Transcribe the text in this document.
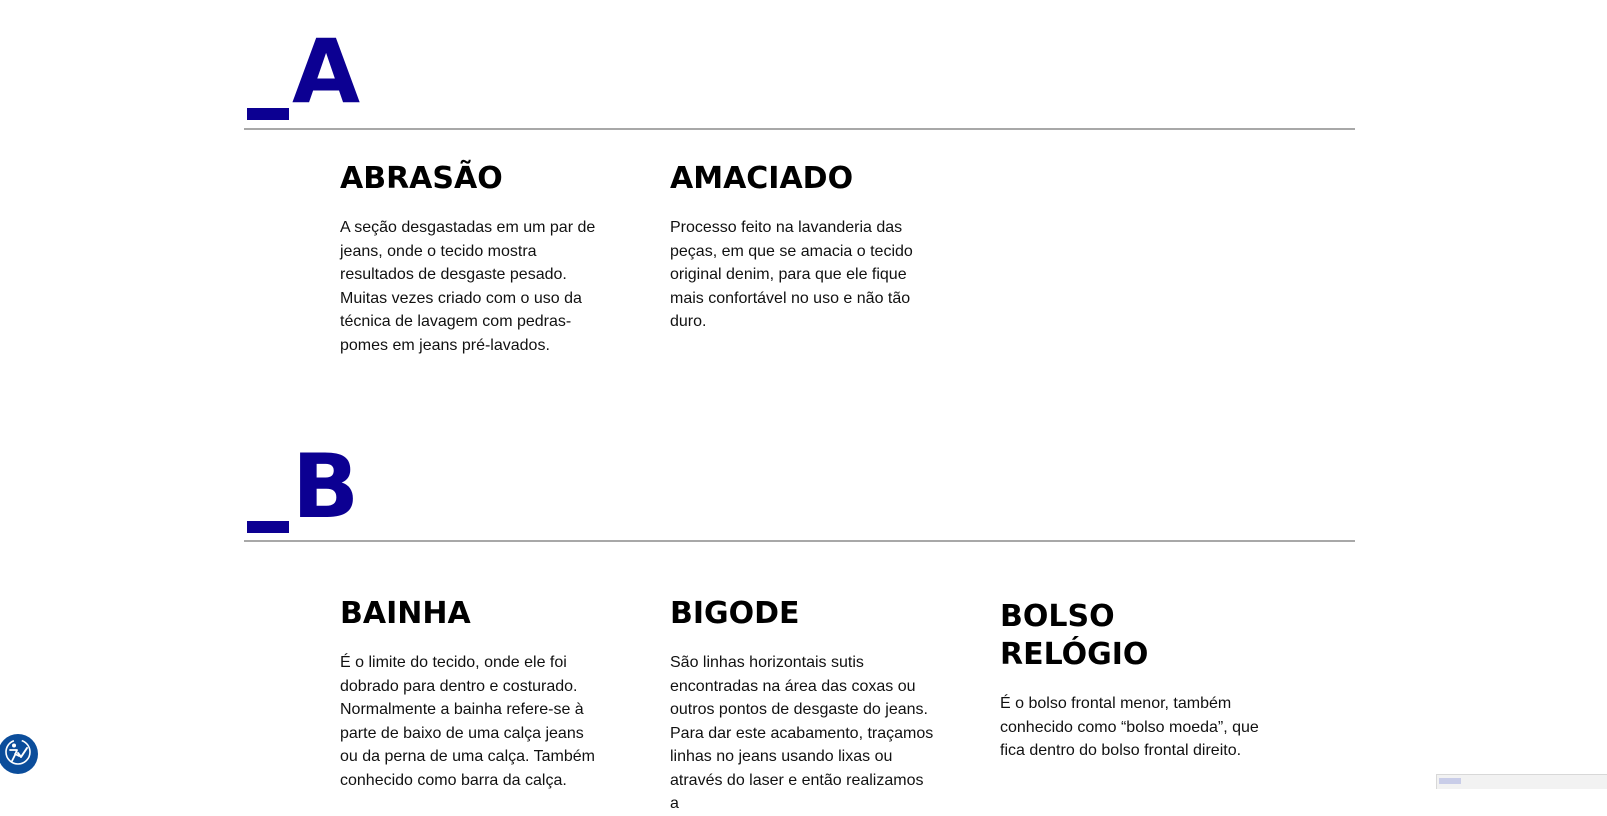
A
ABRASÃO

A seção desgastadas em um par de jeans, onde o tecido mostra resultados de desgaste pesado. Muitas vezes criado com o uso da técnica de lavagem com pedras-pomes em jeans pré-lavados.

AMACIADO

Processo feito na lavanderia das peças, em que se amacia o tecido original denim, para que ele fique mais confortável no uso e não tão duro.

B
BAINHA

É o limite do tecido, onde ele foi dobrado para dentro e costurado. Normalmente a bainha refere-se à parte de baixo de uma calça jeans ou da perna de uma calça. Também conhecido como barra da calça.

BIGODE

São linhas horizontais sutis encontradas na área das coxas ou outros pontos de desgaste do jeans. Para dar este acabamento, traçamos linhas no jeans usando lixas ou através do laser e então realizamos a

BOLSO RELÓGIO

É o bolso frontal menor, também conhecido como “bolso moeda”, que fica dentro do bolso frontal direito.
